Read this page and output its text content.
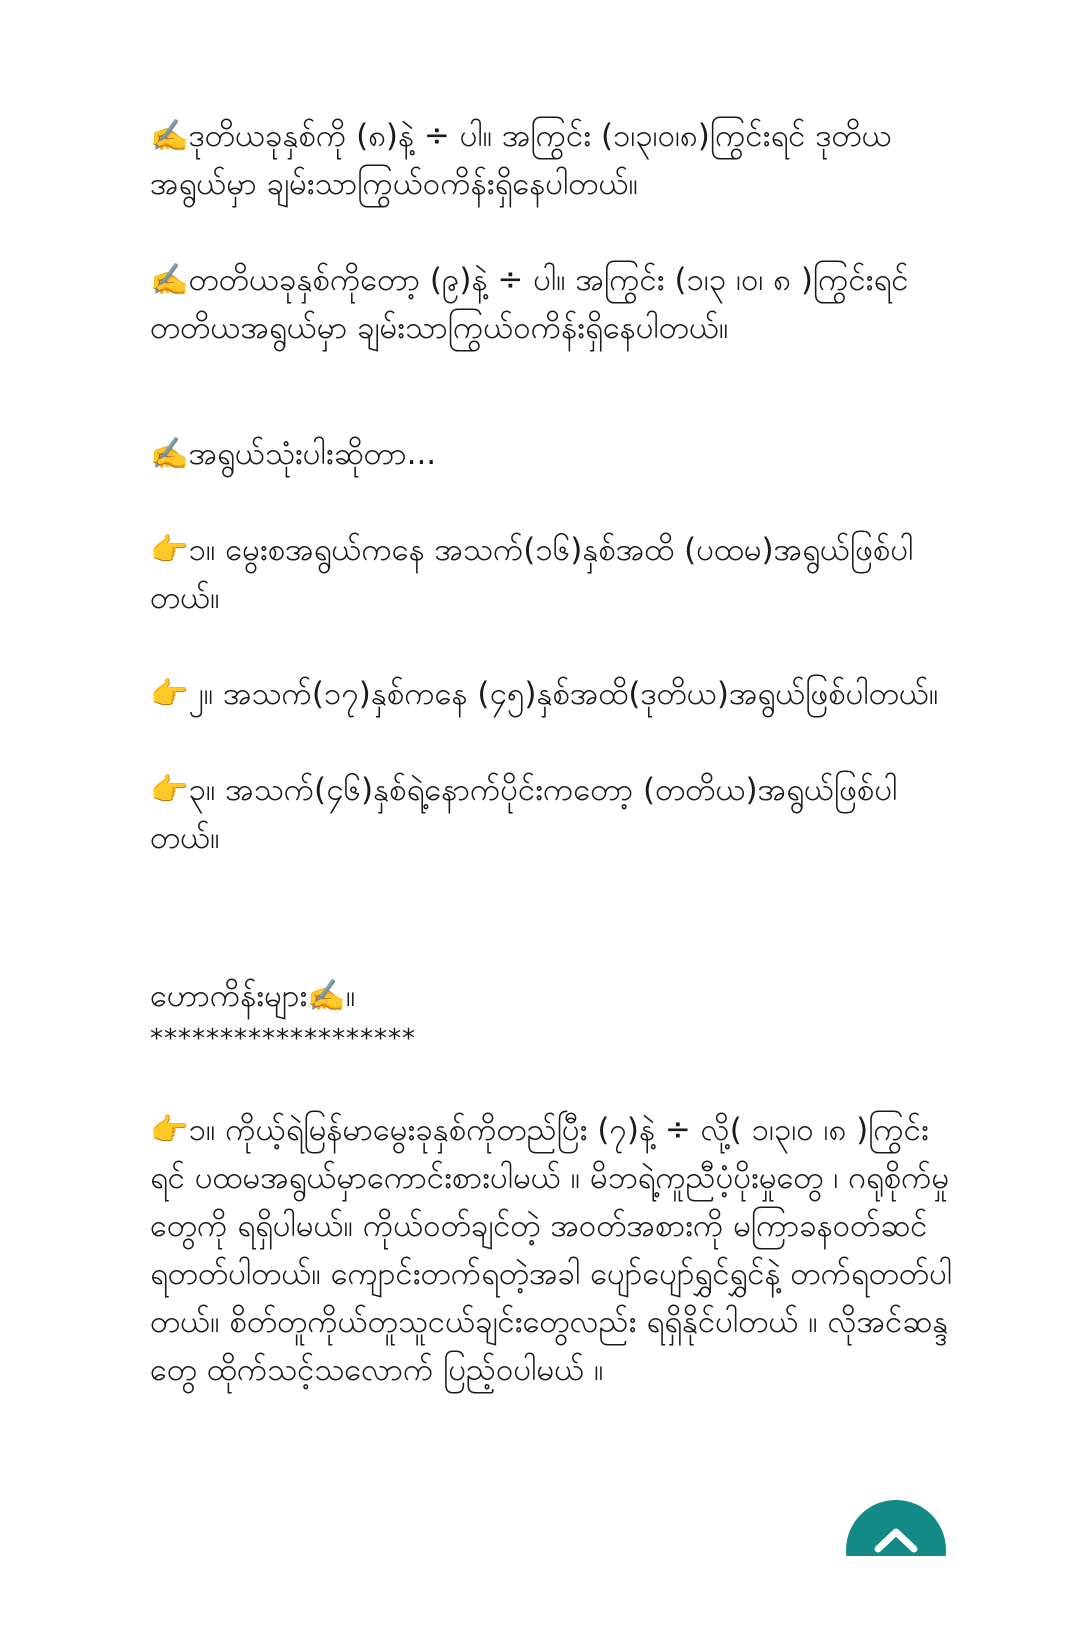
✍️ဒုတိယခုနှစ်ကို (၈)နဲ့ ÷ ပါ။ အကြွင်း (၁၊၃၊၀၊၈)ကြွင်းရင် ဒုတိယအရွယ်မှာ ချမ်းသာကြွယ်ဝကိန်းရှိနေပါတယ်။

✍️တတိယခုနှစ်ကိုတော့ (၉)နဲ့ ÷ ပါ။ အကြွင်း (၁၊၃ ၊၀၊ ၈ )ကြွင်းရင် တတိယအရွယ်မှာ ချမ်းသာကြွယ်ဝကိန်းရှိနေပါတယ်။

✍️အရွယ်သုံးပါးဆိုတာ...

👉၁။ မွေးစအရွယ်ကနေ အသက်(၁၆)နှစ်အထိ (ပထမ)အရွယ်ဖြစ်ပါတယ်။

👉၂။ အသက်(၁၇)နှစ်ကနေ (၄၅)နှစ်အထိ(ဒုတိယ)အရွယ်ဖြစ်ပါတယ်။

👉၃။ အသက်(၄၆)နှစ်ရဲ့နောက်ပိုင်းကတော့ (တတိယ)အရွယ်ဖြစ်ပါတယ်။

ဟောကိန်းများ✍️။

*******************

👉၁။ ကိုယ့်ရဲမြန်မာမွေးခုနှစ်ကိုတည်ပြီး (၇)နဲ့ ÷ လို့( ၁၊၃၊၀ ၊၈ )ကြွင်းရင် ပထမအရွယ်မှာကောင်းစားပါမယ် ။ မိဘရဲ့ကူညီပံ့ပိုးမှုတွေ ၊ ဂရုစိုက်မှုတွေကို ရရှိပါမယ်။ ကိုယ်ဝတ်ချင်တဲ့ အဝတ်အစားကို မကြာခနဝတ်ဆင်ရတတ်ပါတယ်။ ကျောင်းတက်ရတဲ့အခါ ပျော်ပျော်ရွှင်ရွှင်နဲ့ တက်ရတတ်ပါတယ်။ စိတ်တူကိုယ်တူသူငယ်ချင်းတွေလည်း ရရှိနိုင်ပါတယ် ။ လိုအင်ဆန္ဒတွေ ထိုက်သင့်သလောက် ပြည့်ဝပါမယ် ။
